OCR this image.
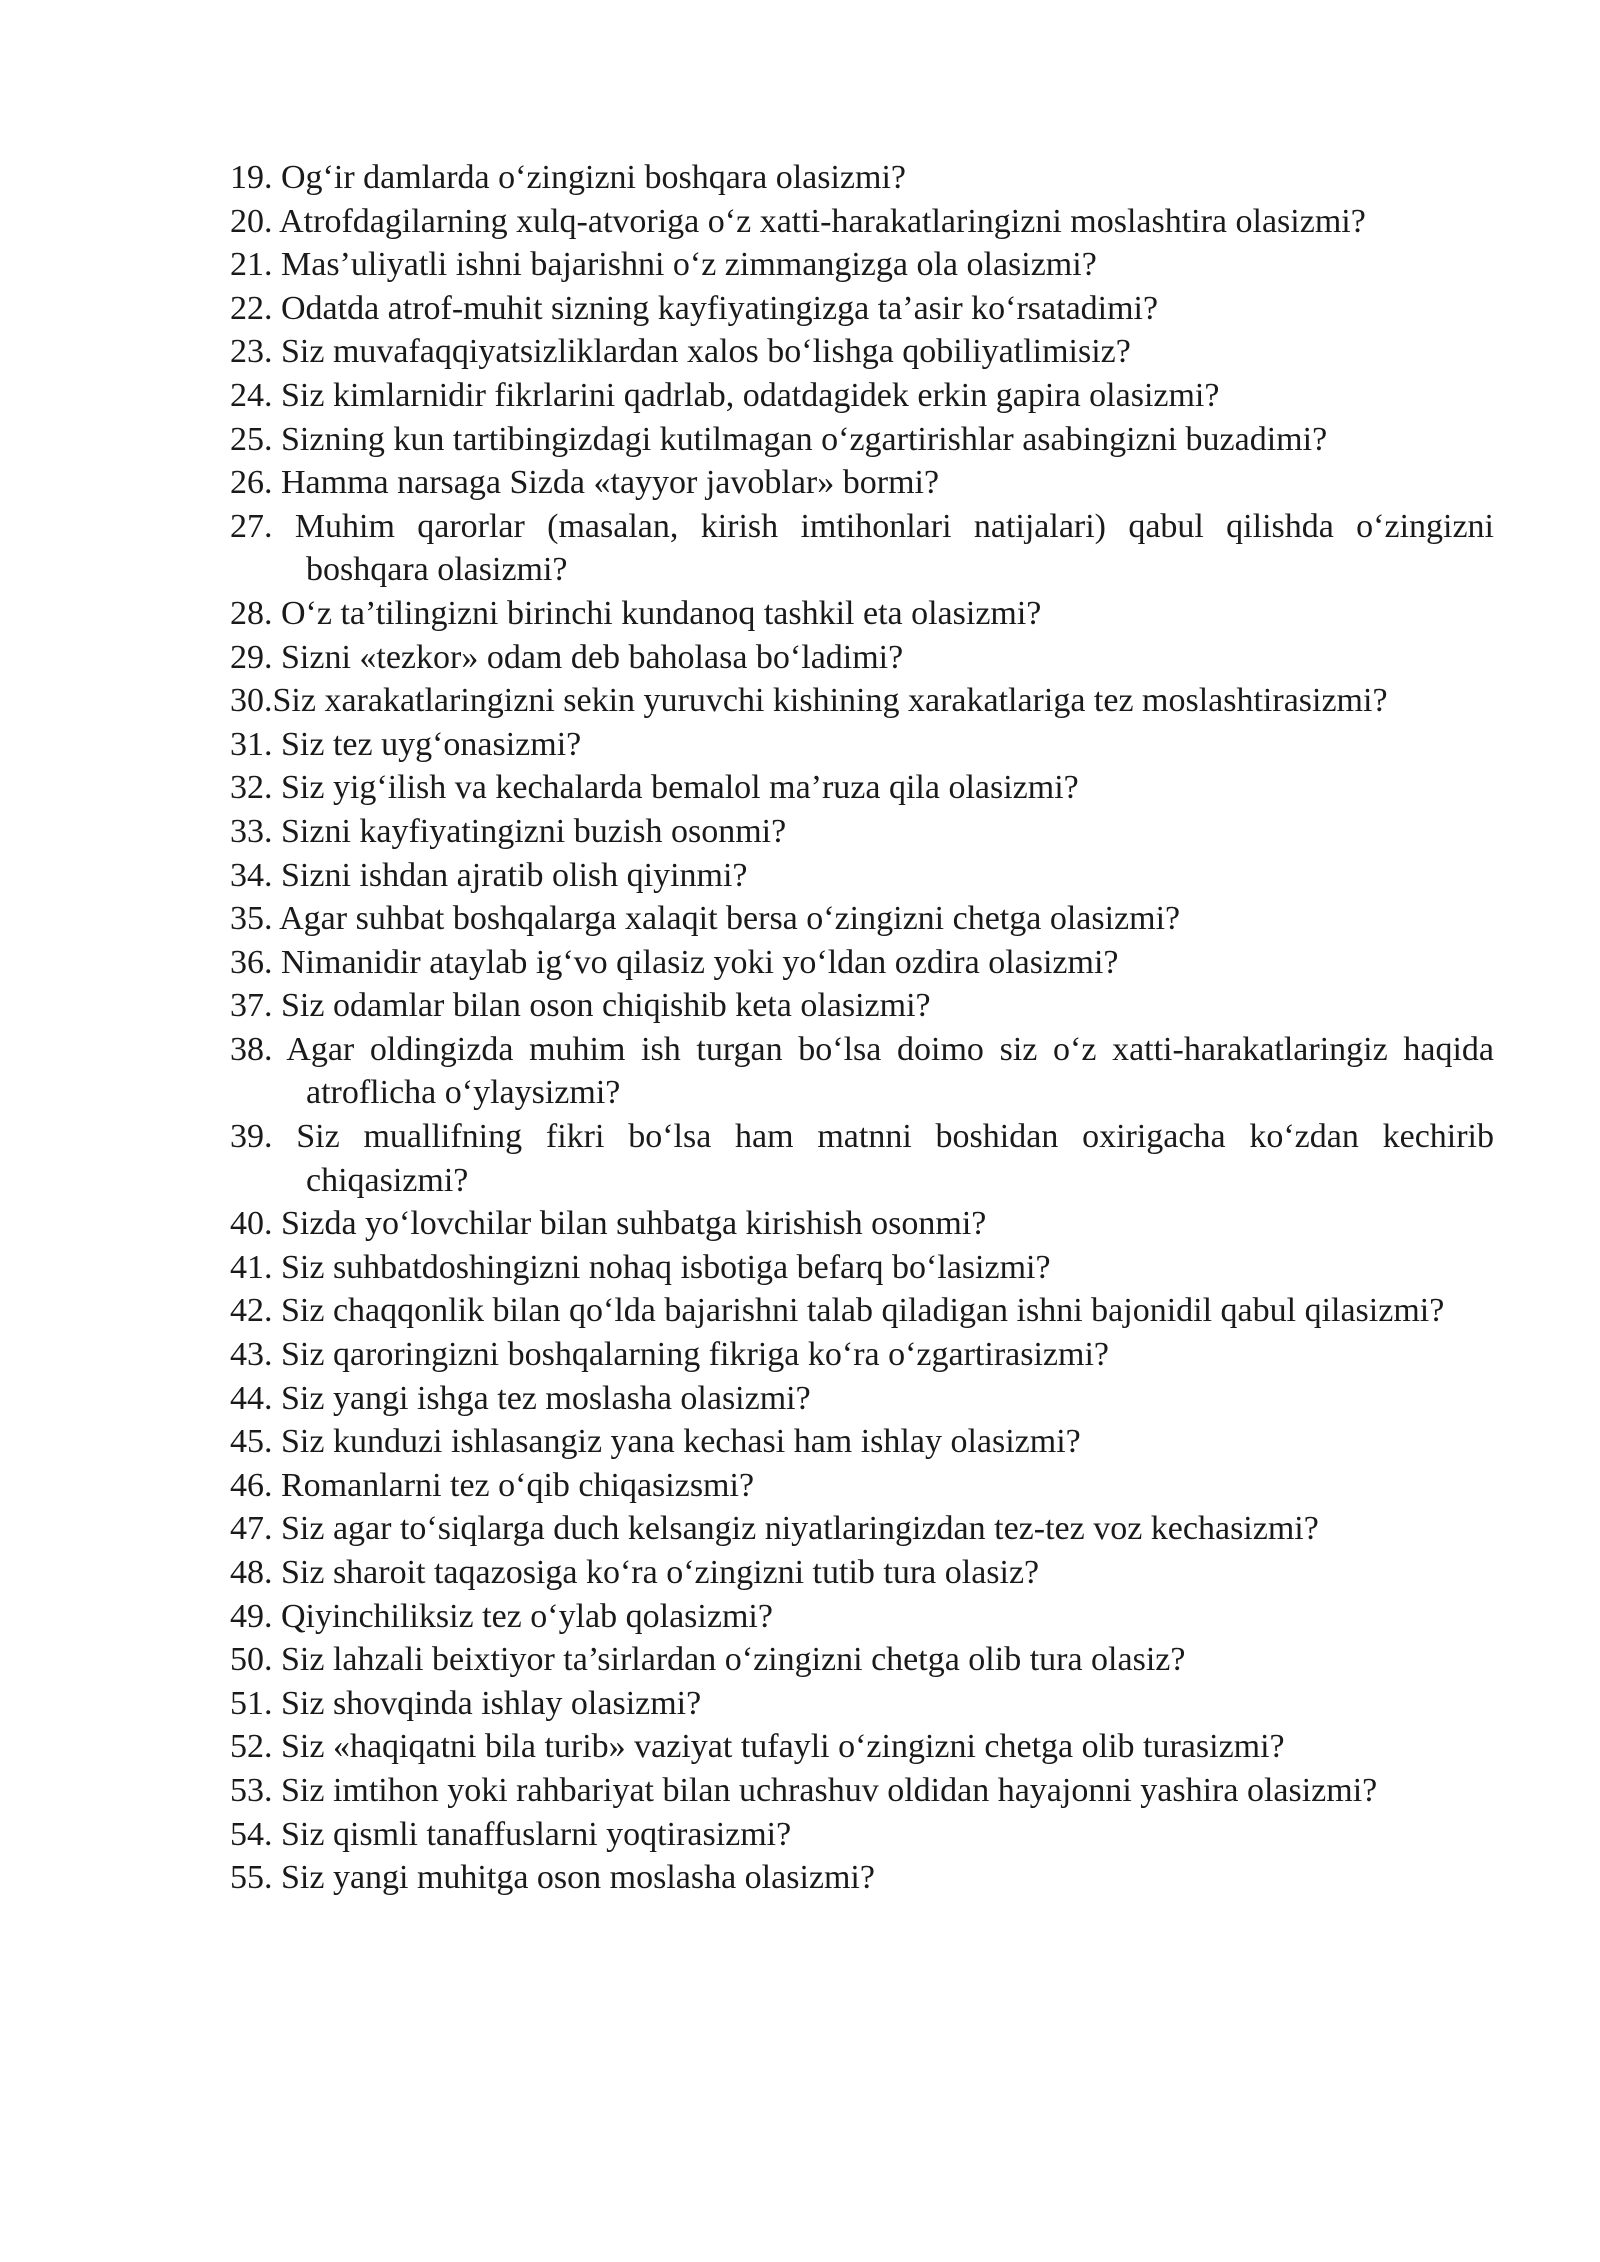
19. Og‘ir damlarda o‘zingizni boshqara olasizmi?
20. Atrofdagilarning xulq-atvoriga o‘z xatti-harakatlaringizni moslashtira olasizmi?
21. Mas’uliyatli ishni bajarishni o‘z zimmangizga ola olasizmi?
22. Odatda atrof-muhit sizning kayfiyatingizga ta’asir ko‘rsatadimi?
23. Siz muvafaqqiyatsizliklardan xalos bo‘lishga qobiliyatlimisiz?
24. Siz kimlarnidir fikrlarini qadrlab, odatdagidek erkin gapira olasizmi?
25. Sizning kun tartibingizdagi kutilmagan o‘zgartirishlar asabingizni buzadimi?
26. Hamma narsaga Sizda «tayyor javoblar» bormi?
27. Muhim qarorlar (masalan, kirish imtihonlari natijalari) qabul qilishda o‘zingizni boshqara olasizmi?
28. O‘z ta’tilingizni birinchi kundanoq tashkil eta olasizmi?
29. Sizni «tezkor» odam deb baholasa bo‘ladimi?
30.Siz xarakatlaringizni sekin yuruvchi kishining xarakatlariga tez moslashtirasizmi?
31. Siz tez uyg‘onasizmi?
32. Siz yig‘ilish va kechalarda bemalol ma’ruza qila olasizmi?
33. Sizni kayfiyatingizni buzish osonmi?
34. Sizni ishdan ajratib olish qiyinmi?
35. Agar suhbat boshqalarga xalaqit bersa o‘zingizni chetga olasizmi?
36. Nimanidir ataylab ig‘vo qilasiz yoki yo‘ldan ozdira olasizmi?
37. Siz odamlar bilan oson chiqishib keta olasizmi?
38. Agar oldingizda muhim ish turgan bo‘lsa doimo siz o‘z xatti-harakatlaringiz haqida atroflicha o‘ylaysizmi?
39. Siz muallifning fikri bo‘lsa ham matnni boshidan oxirigacha ko‘zdan kechirib chiqasizmi?
40. Sizda yo‘lovchilar bilan suhbatga kirishish osonmi?
41. Siz suhbatdoshingizni nohaq isbotiga befarq bo‘lasizmi?
42. Siz chaqqonlik bilan qo‘lda bajarishni talab qiladigan ishni bajonidil qabul qilasizmi?
43. Siz qaroringizni boshqalarning fikriga ko‘ra o‘zgartirasizmi?
44. Siz yangi ishga tez moslasha olasizmi?
45. Siz kunduzi ishlasangiz yana kechasi ham ishlay olasizmi?
46. Romanlarni tez o‘qib chiqasizsmi?
47. Siz agar to‘siqlarga duch kelsangiz niyatlaringizdan tez-tez voz kechasizmi?
48. Siz sharoit taqazosiga ko‘ra o‘zingizni tutib tura olasiz?
49. Qiyinchiliksiz tez o‘ylab qolasizmi?
50. Siz lahzali beixtiyor ta’sirlardan o‘zingizni chetga olib tura olasiz?
51. Siz shovqinda ishlay olasizmi?
52. Siz «haqiqatni bila turib» vaziyat tufayli o‘zingizni chetga olib turasizmi?
53. Siz imtihon yoki rahbariyat bilan uchrashuv oldidan hayajonni yashira olasizmi?
54. Siz qismli tanaffuslarni yoqtirasizmi?
55. Siz yangi muhitga oson moslasha olasizmi?
